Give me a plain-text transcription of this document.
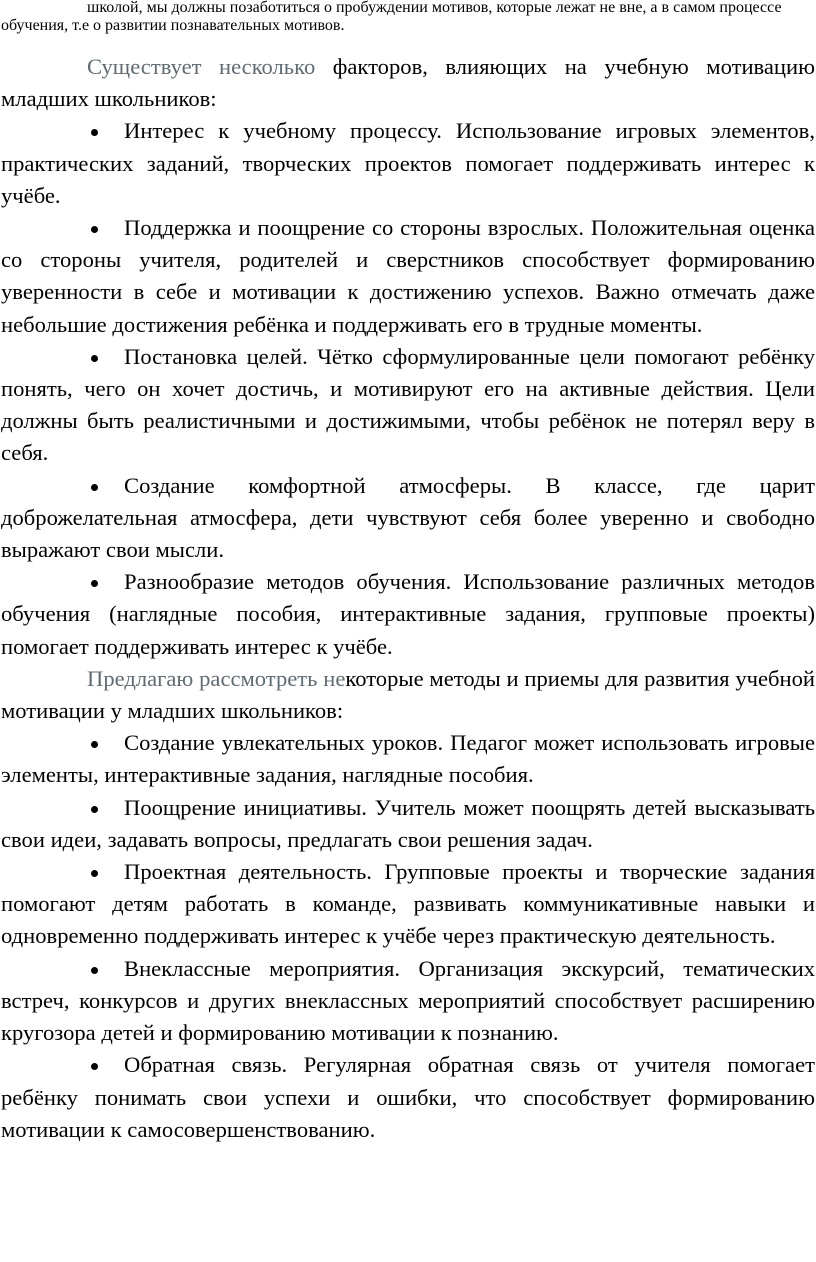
школой, мы должны позаботиться о пробуждении мотивов, которые лежат не вне, а в самом процессе обучения, т.е о развитии познавательных мотивов.

Существует несколько факторов, влияющих на учебную мотивацию младших школьников:

Интерес к учебному процессу. Использование игровых элементов, практических заданий, творческих проектов помогает поддерживать интерес к учёбе.

Поддержка и поощрение со стороны взрослых. Положительная оценка со стороны учителя, родителей и сверстников способствует формированию уверенности в себе и мотивации к достижению успехов. Важно отмечать даже небольшие достижения ребёнка и поддерживать его в трудные моменты.

Постановка целей. Чётко сформулированные цели помогают ребёнку понять, чего он хочет достичь, и мотивируют его на активные действия. Цели должны быть реалистичными и достижимыми, чтобы ребёнок не потерял веру в себя.

Создание комфортной атмосферы. В классе, где царит доброжелательная атмосфера, дети чувствуют себя более уверенно и свободно выражают свои мысли.

Разнообразие методов обучения. Использование различных методов обучения (наглядные пособия, интерактивные задания, групповые проекты) помогает поддерживать интерес к учёбе.

Предлагаю рассмотреть некоторые методы и приемы для развития учебной мотивации у младших школьников:

Создание увлекательных уроков. Педагог может использовать игровые элементы, интерактивные задания, наглядные пособия.

Поощрение инициативы. Учитель может поощрять детей высказывать свои идеи, задавать вопросы, предлагать свои решения задач.

Проектная деятельность. Групповые проекты и творческие задания помогают детям работать в команде, развивать коммуникативные навыки и одновременно поддерживать интерес к учёбе через практическую деятельность.

Внеклассные мероприятия. Организация экскурсий, тематических встреч, конкурсов и других внеклассных мероприятий способствует расширению кругозора детей и формированию мотивации к познанию.

Обратная связь. Регулярная обратная связь от учителя помогает ребёнку понимать свои успехи и ошибки, что способствует формированию мотивации к самосовершенствованию.
